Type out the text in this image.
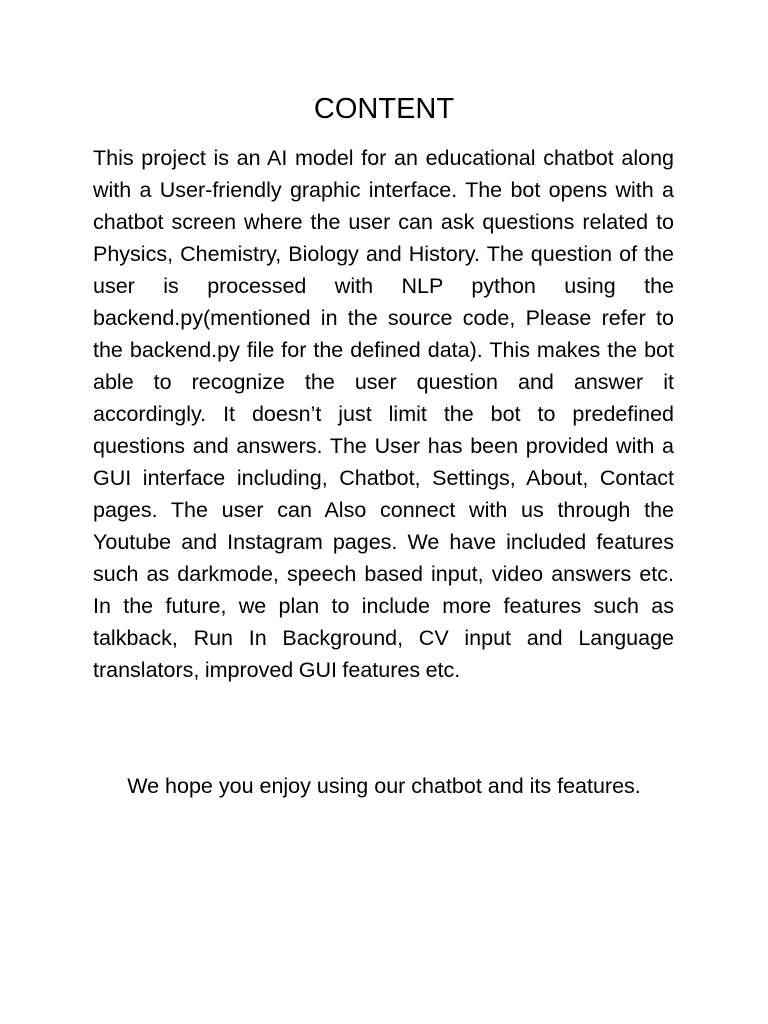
CONTENT

This project is an AI model for an educational chatbot along with a User-friendly graphic interface. The bot opens with a chatbot screen where the user can ask questions related to Physics, Chemistry, Biology and History. The question of the user is processed with NLP python using the backend.py(mentioned in the source code, Please refer to the backend.py file for the defined data). This makes the bot able to recognize the user question and answer it accordingly. It doesn’t just limit the bot to predefined questions and answers. The User has been provided with a GUI interface including, Chatbot, Settings, About, Contact pages. The user can Also connect with us through the Youtube and Instagram pages. We have included features such as darkmode, speech based input, video answers etc. In the future, we plan to include more features such as talkback, Run In Background, CV input and Language translators, improved GUI features etc.

We hope you enjoy using our chatbot and its features.
